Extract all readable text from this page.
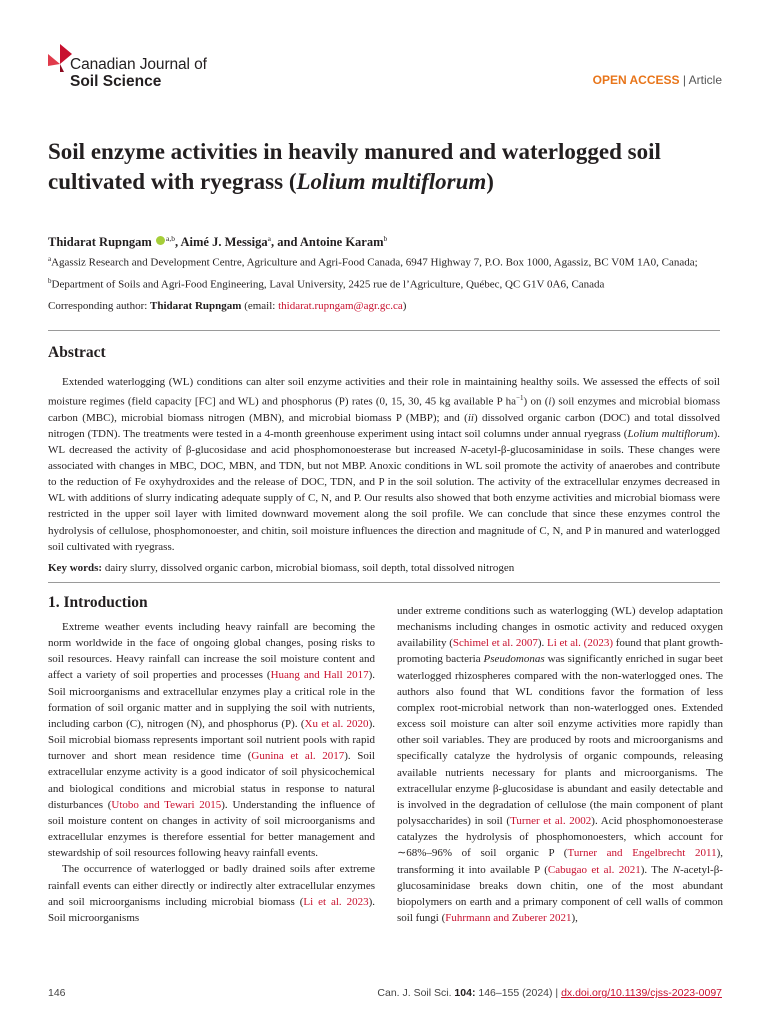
Canadian Journal of
Soil Science	OPEN ACCESS | Article
Soil enzyme activities in heavily manured and waterlogged soil cultivated with ryegrass (Lolium multiflorum)
Thidarat Rupngam $^{a,b}$, Aimé J. Messiga$^a$, and Antoine Karam$^b$
$^a$Agassiz Research and Development Centre, Agriculture and Agri-Food Canada, 6947 Highway 7, P.O. Box 1000, Agassiz, BC V0M 1A0, Canada; $^b$Department of Soils and Agri-Food Engineering, Laval University, 2425 rue de l’Agriculture, Québec, QC G1V 0A6, Canada
Corresponding author: Thidarat Rupngam (email: thidarat.rupngam@agr.gc.ca)
Abstract
Extended waterlogging (WL) conditions can alter soil enzyme activities and their role in maintaining healthy soils. We assessed the effects of soil moisture regimes (field capacity [FC] and WL) and phosphorus (P) rates (0, 15, 30, 45 kg available P $ha^{-1}$) on (i) soil enzymes and microbial biomass carbon (MBC), microbial biomass nitrogen (MBN), and microbial biomass P (MBP); and (ii) dissolved organic carbon (DOC) and total dissolved nitrogen (TDN). The treatments were tested in a 4-month greenhouse experiment using intact soil columns under annual ryegrass (Lolium multiflorum). WL decreased the activity of β-glucosidase and acid phosphomonoesterase but increased N-acetyl-β-glucosaminidase in soils. These changes were associated with changes in MBC, DOC, MBN, and TDN, but not MBP. Anoxic conditions in WL soil promote the activity of anaerobes and contribute to the reduction of Fe oxyhydroxides and the release of DOC, TDN, and P in the soil solution. The activity of the extracellular enzymes decreased in WL with additions of slurry indicating adequate supply of C, N, and P. Our results also showed that both enzyme activities and microbial biomass were restricted in the upper soil layer with limited downward movement along the soil profile. We can conclude that since these enzymes control the hydrolysis of cellulose, phosphomonoester, and chitin, soil moisture influences the direction and magnitude of C, N, and P in manured and waterlogged soil cultivated with ryegrass.
Key words: dairy slurry, dissolved organic carbon, microbial biomass, soil depth, total dissolved nitrogen
1. Introduction

Extreme weather events including heavy rainfall are becoming the norm worldwide in the face of ongoing global changes, posing risks to soil resources. Heavy rainfall can increase the soil moisture content and affect a variety of soil properties and processes (Huang and Hall 2017). Soil microorganisms and extracellular enzymes play a critical role in the formation of soil organic matter and in supplying the soil with nutrients, including carbon (C), nitrogen (N), and phosphorus (P). (Xu et al. 2020). Soil microbial biomass represents important soil nutrient pools with rapid turnover and short mean residence time (Gunina et al. 2017). Soil extracellular enzyme activity is a good indicator of soil physicochemical and biological conditions and microbial status in response to natural disturbances (Utobo and Tewari 2015). Understanding the influence of soil moisture content on changes in activity of soil microorganisms and extracellular enzymes is therefore essential for better management and stewardship of soil resources following heavy rainfall events.

The occurrence of waterlogged or badly drained soils after extreme rainfall events can either directly or indirectly alter extracellular enzymes and soil microorganisms including microbial biomass (Li et al. 2023). Soil microorganisms

under extreme conditions such as waterlogging (WL) develop adaptation mechanisms including changes in osmotic activity and reduced oxygen availability (Schimel et al. 2007). Li et al. (2023) found that plant growth-promoting bacteria Pseudomonas was significantly enriched in sugar beet waterlogged rhizospheres compared with the non-waterlogged ones. The authors also found that WL conditions favor the formation of less complex root-microbial network than non-waterlogged ones. Extended excess soil moisture can alter soil enzyme activities more rapidly than other soil variables. They are produced by roots and microorganisms and specifically catalyze the hydrolysis of organic compounds, releasing available nutrients necessary for plants and microorganisms. The extracellular enzyme β-glucosidase is abundant and easily detectable and is involved in the degradation of cellulose (the main component of plant polysaccharides) in soil (Turner et al. 2002). Acid phosphomonoesterase catalyzes the hydrolysis of phosphomonoesters, which account for ∼68%–96% of soil organic P (Turner and Engelbrecht 2011), transforming it into available P (Cabugao et al. 2021). The N-acetyl-β-glucosaminidase breaks down chitin, one of the most abundant biopolymers on earth and a primary component of cell walls of common soil fungi (Fuhrmann and Zuberer 2021),

146	Can. J. Soil Sci. 104: 146–155 (2024) | dx.doi.org/10.1139/cjss-2023-0097
